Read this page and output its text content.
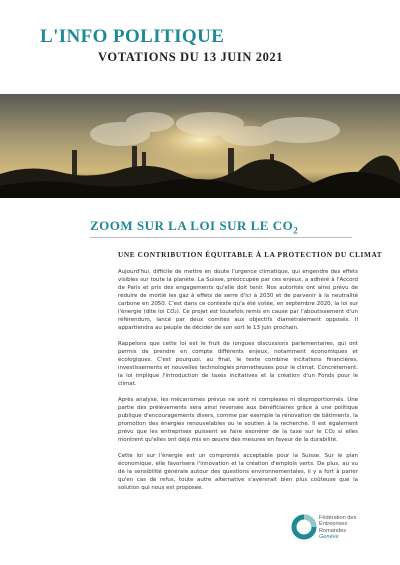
L'INFO POLITIQUE
VOTATIONS DU 13 JUIN 2021
ZOOM SUR LA LOI SUR LE $CO_2$
UNE CONTRIBUTION ÉQUITABLE À LA PROTECTION DU CLIMAT

Aujourd'hui, difficile de mettre en doute l'urgence climatique, qui engendre des effets visibles sur toute la planète. La Suisse, préoccupée par ces enjeux, a adhéré à l'Accord de Paris et pris des engagements qu'elle doit tenir. Nos autorités ont ainsi prévu de réduire de moitié les gaz à effets de serre d'ici à 2030 et de parvenir à la neutralité carbone en 2050. C'est dans ce contexte qu'a été votée, en septembre 2020, la loi sur l'énergie (dite loi CO₂). Ce projet est toutefois remis en cause par l'aboutissement d'un référendum, lancé par deux comités aux objectifs diamétralement opposés. Il appartiendra au peuple de décider de son sort le 13 juin prochain.

Rappelons que cette loi est le fruit de longues discussions parlementaires, qui ont permis de prendre en compte différents enjeux, notamment économiques et écologiques. C'est pourquoi, au final, le texte combine incitations financières, investissements et nouvelles technologies prometteuses pour le climat. Concrètement, la loi implique l'introduction de taxes incitatives et la création d'un Fonds pour le climat.

Après analyse, les mécanismes prévus ne sont ni complexes ni disproportionnés. Une partie des prélèvements sera ainsi reversée aux bénéficiaires grâce à une politique publique d'encouragements divers, comme par exemple la rénovation de bâtiments, la promotion des énergies renouvelables ou le soutien à la recherche. Il est également prévu que les entreprises puissent se faire exonérer de la taxe sur le CO₂ si elles montrent qu'elles ont déjà mis en œuvre des mesures en faveur de la durabilité.

Cette loi sur l'énergie est un compromis acceptable pour la Suisse. Sur le plan économique, elle favorisera l'innovation et la création d'emplois verts. De plus, au vu de la sensibilité générale autour des questions environnementales, il y a fort à parier qu'en cas de refus, toute autre alternative s'avérerait bien plus coûteuse que la solution qui nous est proposée.

Fédération des
Entreprises
Romandes
Genève
